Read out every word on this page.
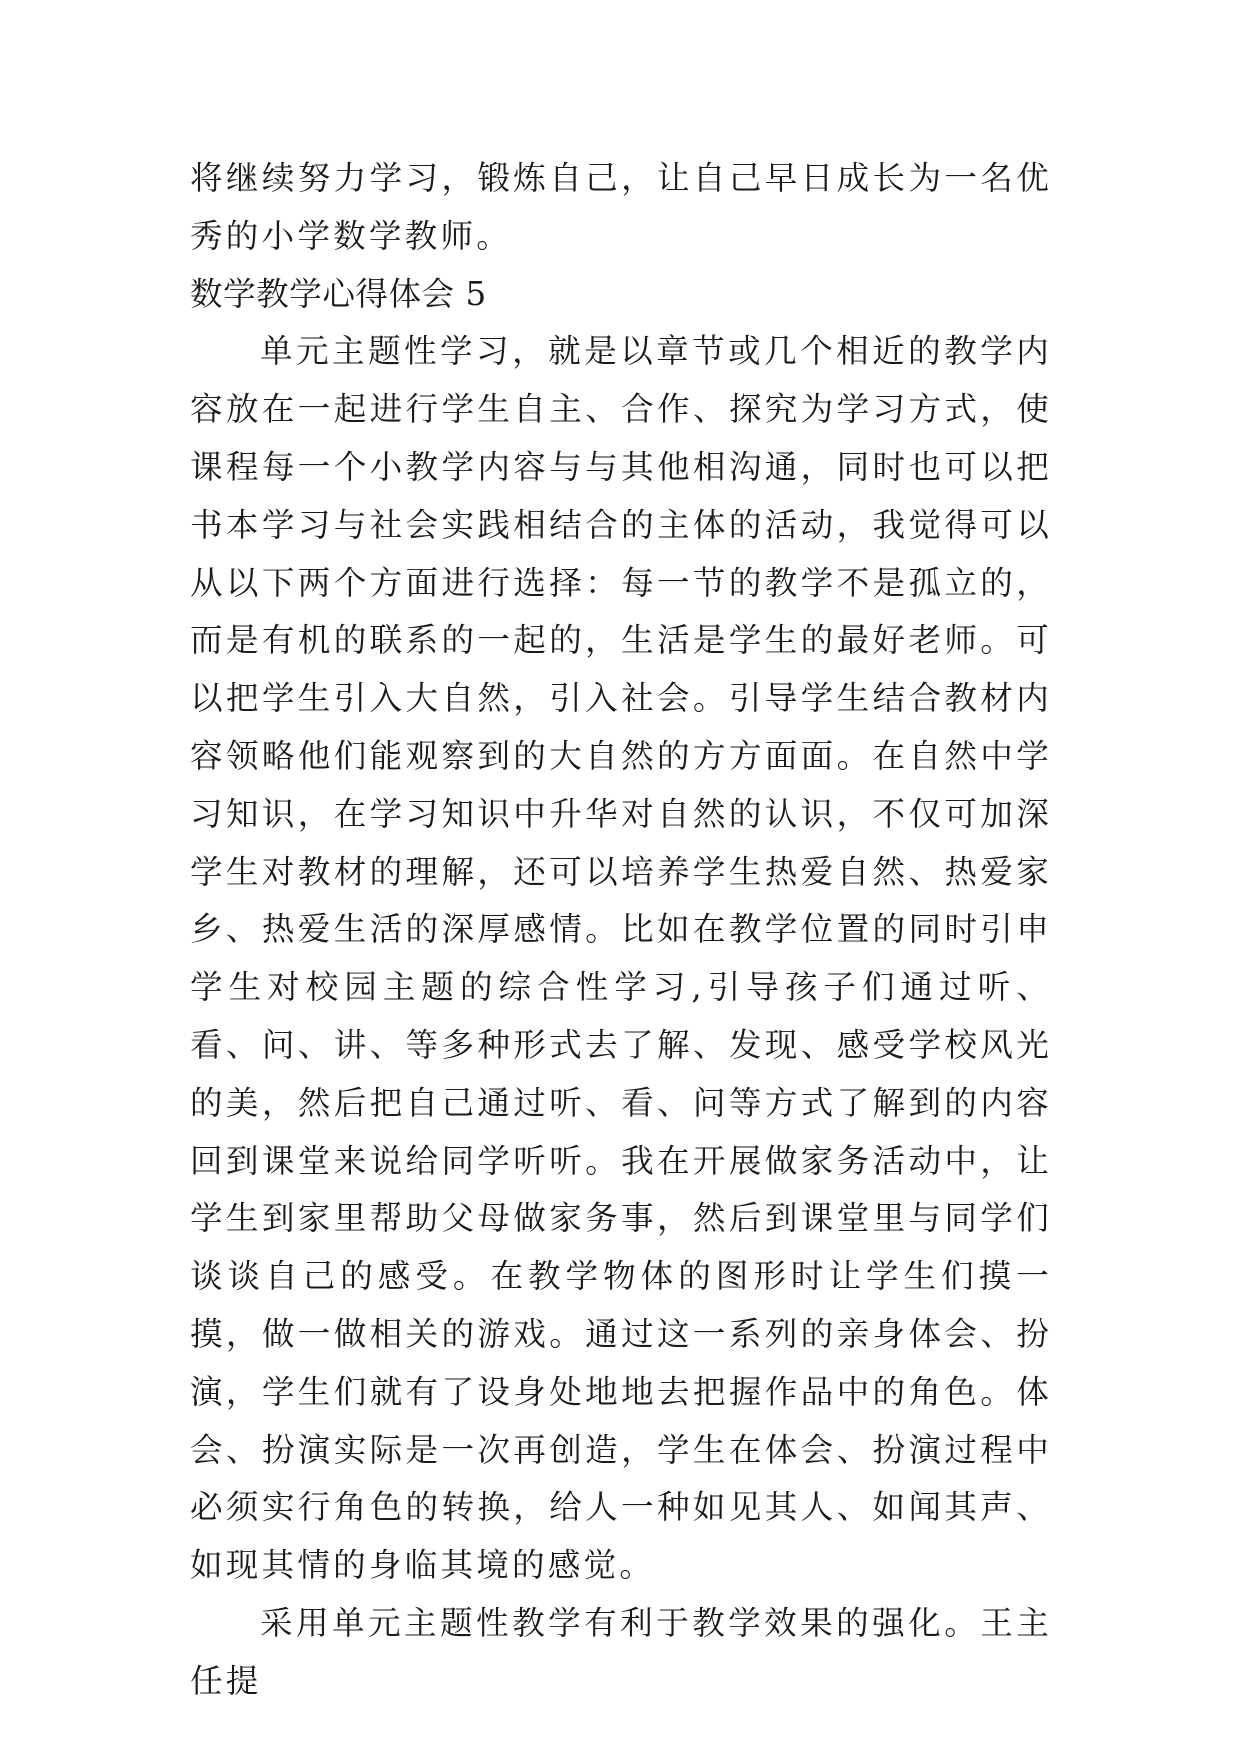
将继续努力学习，锻炼自己，让自己早日成长为一名优秀的小学数学教师。

数学教学心得体会 5

单元主题性学习，就是以章节或几个相近的教学内容放在一起进行学生自主、合作、探究为学习方式，使课程每一个小教学内容与与其他相沟通，同时也可以把书本学习与社会实践相结合的主体的活动，我觉得可以从以下两个方面进行选择：每一节的教学不是孤立的，而是有机的联系的一起的，生活是学生的最好老师。可以把学生引入大自然，引入社会。引导学生结合教材内容领略他们能观察到的大自然的方方面面。在自然中学习知识，在学习知识中升华对自然的认识，不仅可加深学生对教材的理解，还可以培养学生热爱自然、热爱家乡、热爱生活的深厚感情。比如在教学位置的同时引申学生对校园主题的综合性学习,引导孩子们通过听、看、问、讲、等多种形式去了解、发现、感受学校风光的美，然后把自己通过听、看、问等方式了解到的内容回到课堂来说给同学听听。我在开展做家务活动中，让学生到家里帮助父母做家务事，然后到课堂里与同学们谈谈自己的感受。在教学物体的图形时让学生们摸一摸，做一做相关的游戏。通过这一系列的亲身体会、扮演，学生们就有了设身处地地去把握作品中的角色。体会、扮演实际是一次再创造，学生在体会、扮演过程中必须实行角色的转换，给人一种如见其人、如闻其声、如现其情的身临其境的感觉。

采用单元主题性教学有利于教学效果的强化。王主任提
